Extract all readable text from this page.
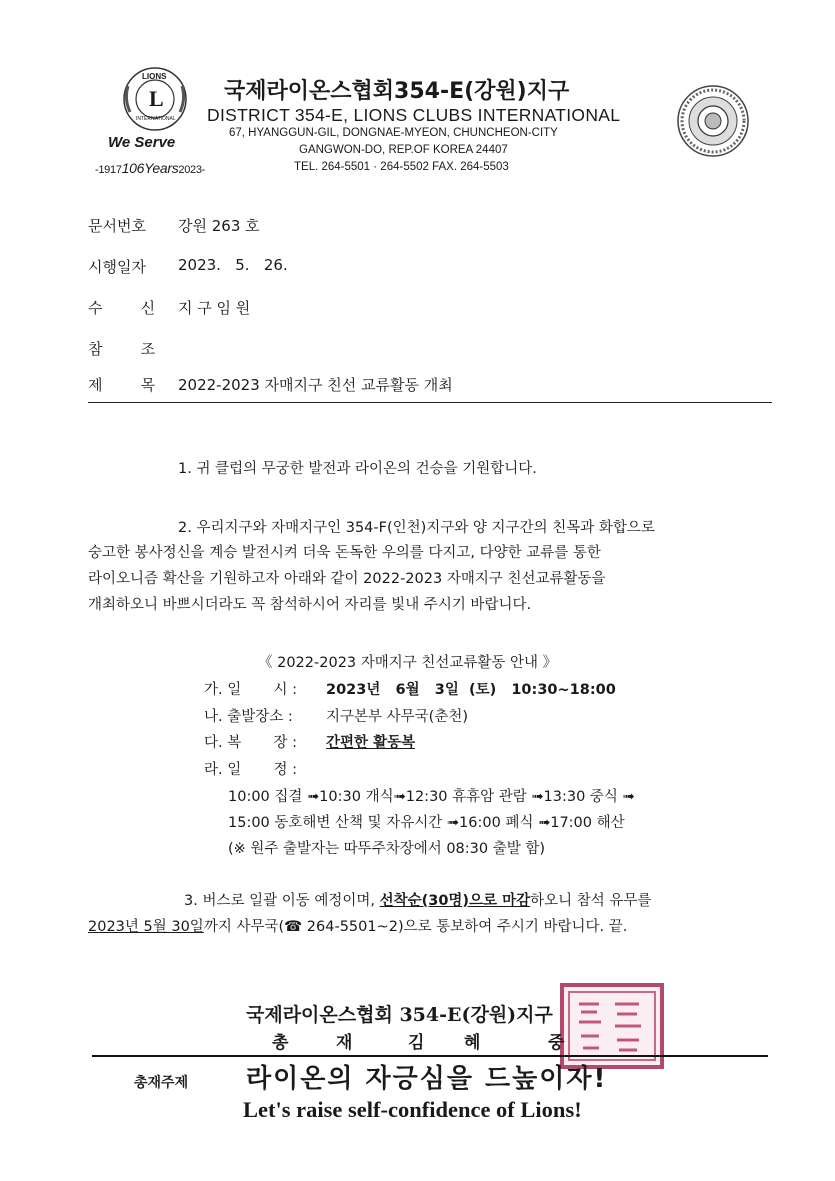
LIONS
L
INTERNATIONAL
We Serve
-1917106Years2023-
국제라이온스협회354-E(강원)지구
DISTRICT 354-E, LIONS CLUBS INTERNATIONAL
67, HYANGGUN-GIL, DONGNAE-MYEON, CHUNCHEON-CITY
GANGWON-DO, REP.OF KOREA 24407
TEL. 264-5501 · 264-5502 FAX. 264-5503
문서번호 강원 263 호
시행일자 2023.   5.   26.
수        신 지 구 임 원
참        조
제        목 2022-2023 자매지구 친선 교류활동 개최
1. 귀 클럽의 무궁한 발전과 라이온의 건승을 기원합니다.
2. 우리지구와 자매지구인 354-F(인천)지구와 양 지구간의 친목과 화합으로
숭고한 봉사정신을 계승 발전시켜 더욱 돈독한 우의를 다지고, 다양한 교류를 통한
라이오니즘 확산을 기원하고자 아래와 같이 2022-2023 자매지구 친선교류활동을
개최하오니 바쁘시더라도 꼭 참석하시어 자리를 빛내 주시기 바랍니다.
《 2022-2023 자매지구 친선교류활동 안내 》
가. 일       시 : 2023년   6월   3일  (토)   10:30~18:00
나. 출발장소 : 지구본부 사무국(춘천)
다. 복       장 : 간편한 활동복
라. 일       정 :
10:00 집결 ➟10:30 개식➟12:30 휴휴암 관람 ➟13:30 중식 ➟
15:00 동호해변 산책 및 자유시간 ➟16:00 폐식 ➟17:00 해산
(※ 원주 출발자는 따뚜주차장에서 08:30 출발 함)
3. 버스로 일괄 이동 예정이며, 선착순(30명)으로 마감하오니 참석 유무를
2023년 5월 30일까지 사무국(☎ 264-5501~2)으로 통보하여 주시기 바랍니다. 끝.
국제라이온스협회 354-E(강원)지구
총	재	김 혜	중
총재주제 라이온의 자긍심을 드높이자!
Let's raise self-confidence of Lions!
